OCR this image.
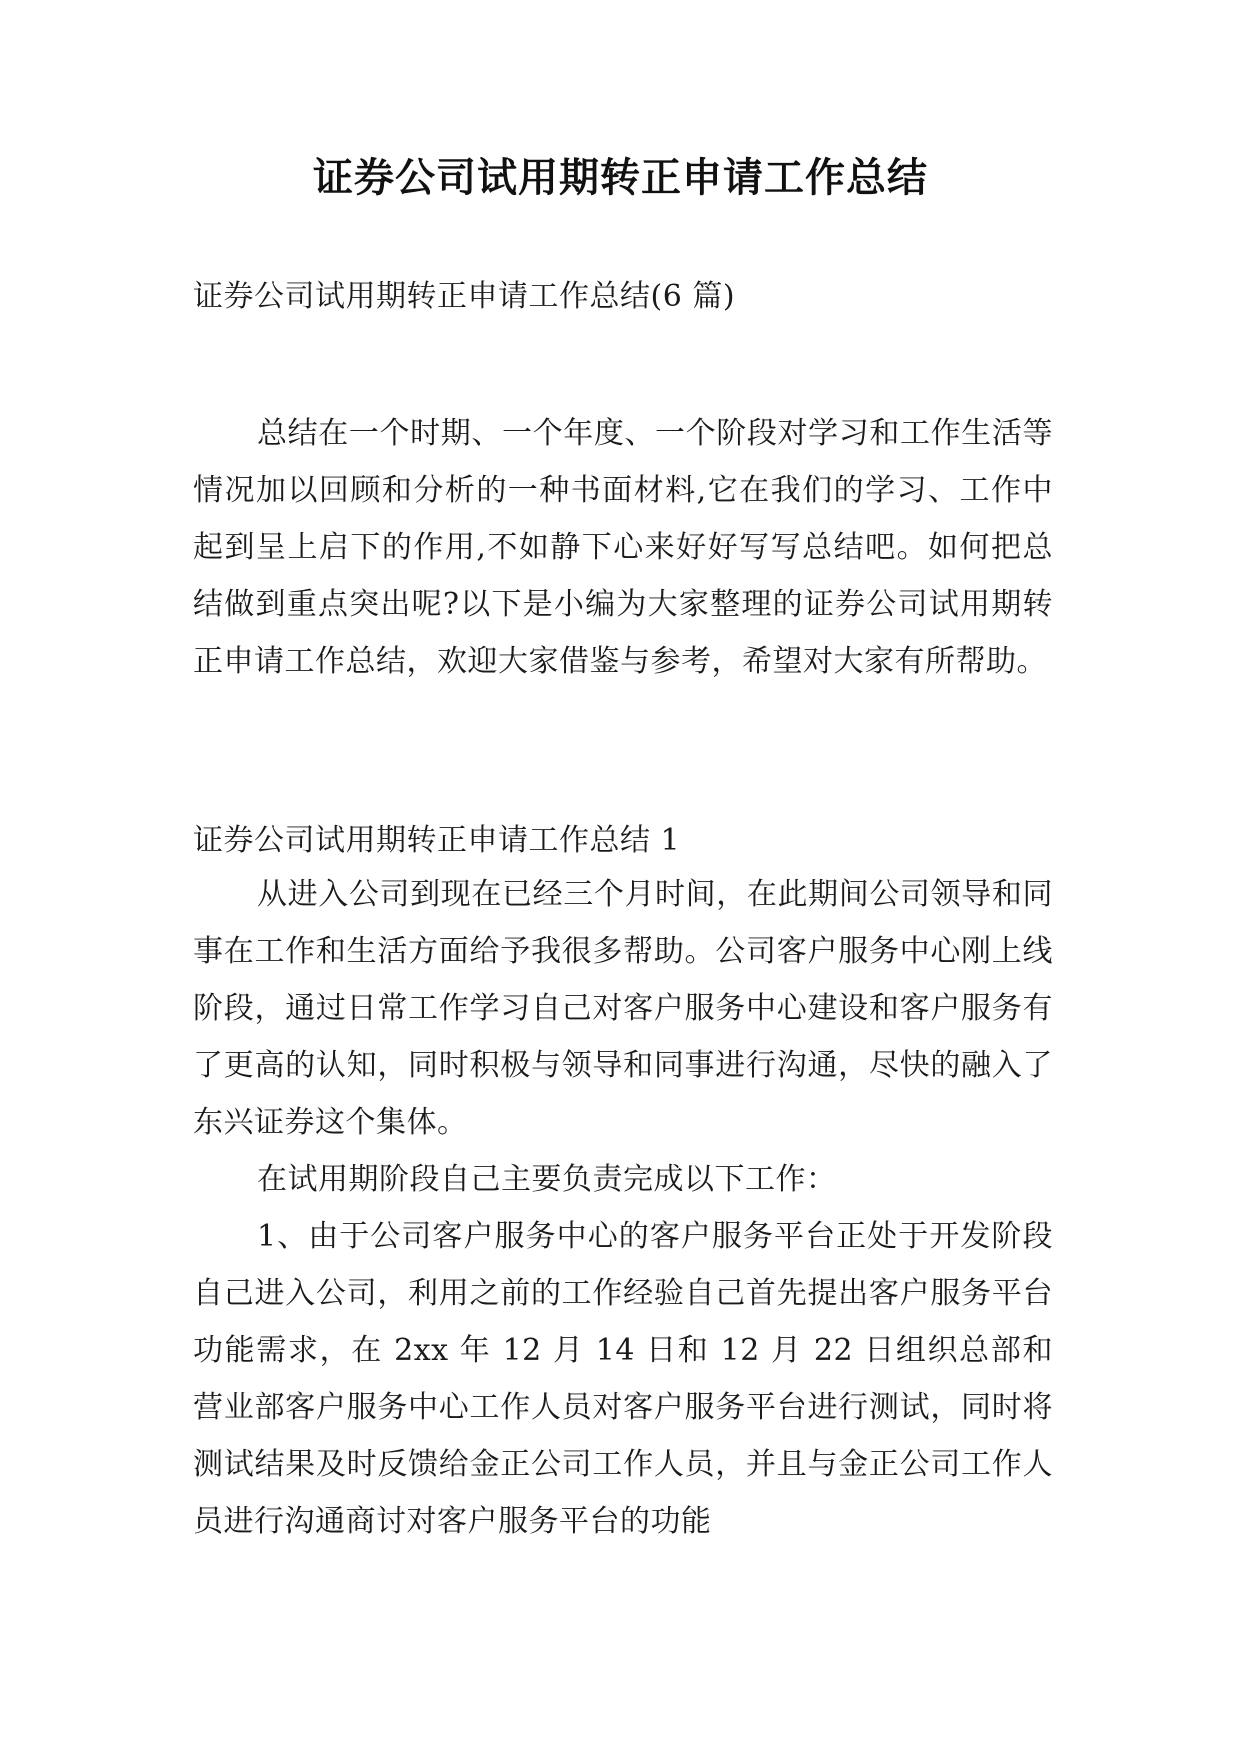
证券公司试用期转正申请工作总结
证券公司试用期转正申请工作总结(6 篇)
总结在一个时期、一个年度、一个阶段对学习和工作生活等情况加以回顾和分析的一种书面材料,它在我们的学习、工作中起到呈上启下的作用,不如静下心来好好写写总结吧。如何把总结做到重点突出呢?以下是小编为大家整理的证券公司试用期转正申请工作总结，欢迎大家借鉴与参考，希望对大家有所帮助。
证券公司试用期转正申请工作总结 1

从进入公司到现在已经三个月时间，在此期间公司领导和同事在工作和生活方面给予我很多帮助。公司客户服务中心刚上线阶段，通过日常工作学习自己对客户服务中心建设和客户服务有了更高的认知，同时积极与领导和同事进行沟通，尽快的融入了东兴证券这个集体。

在试用期阶段自己主要负责完成以下工作：

1、由于公司客户服务中心的客户服务平台正处于开发阶段自己进入公司，利用之前的工作经验自己首先提出客户服务平台功能需求，在 2xx 年 12 月 14 日和 12 月 22 日组织总部和营业部客户服务中心工作人员对客户服务平台进行测试，同时将测试结果及时反馈给金正公司工作人员，并且与金正公司工作人员进行沟通商讨对客户服务平台的功能
